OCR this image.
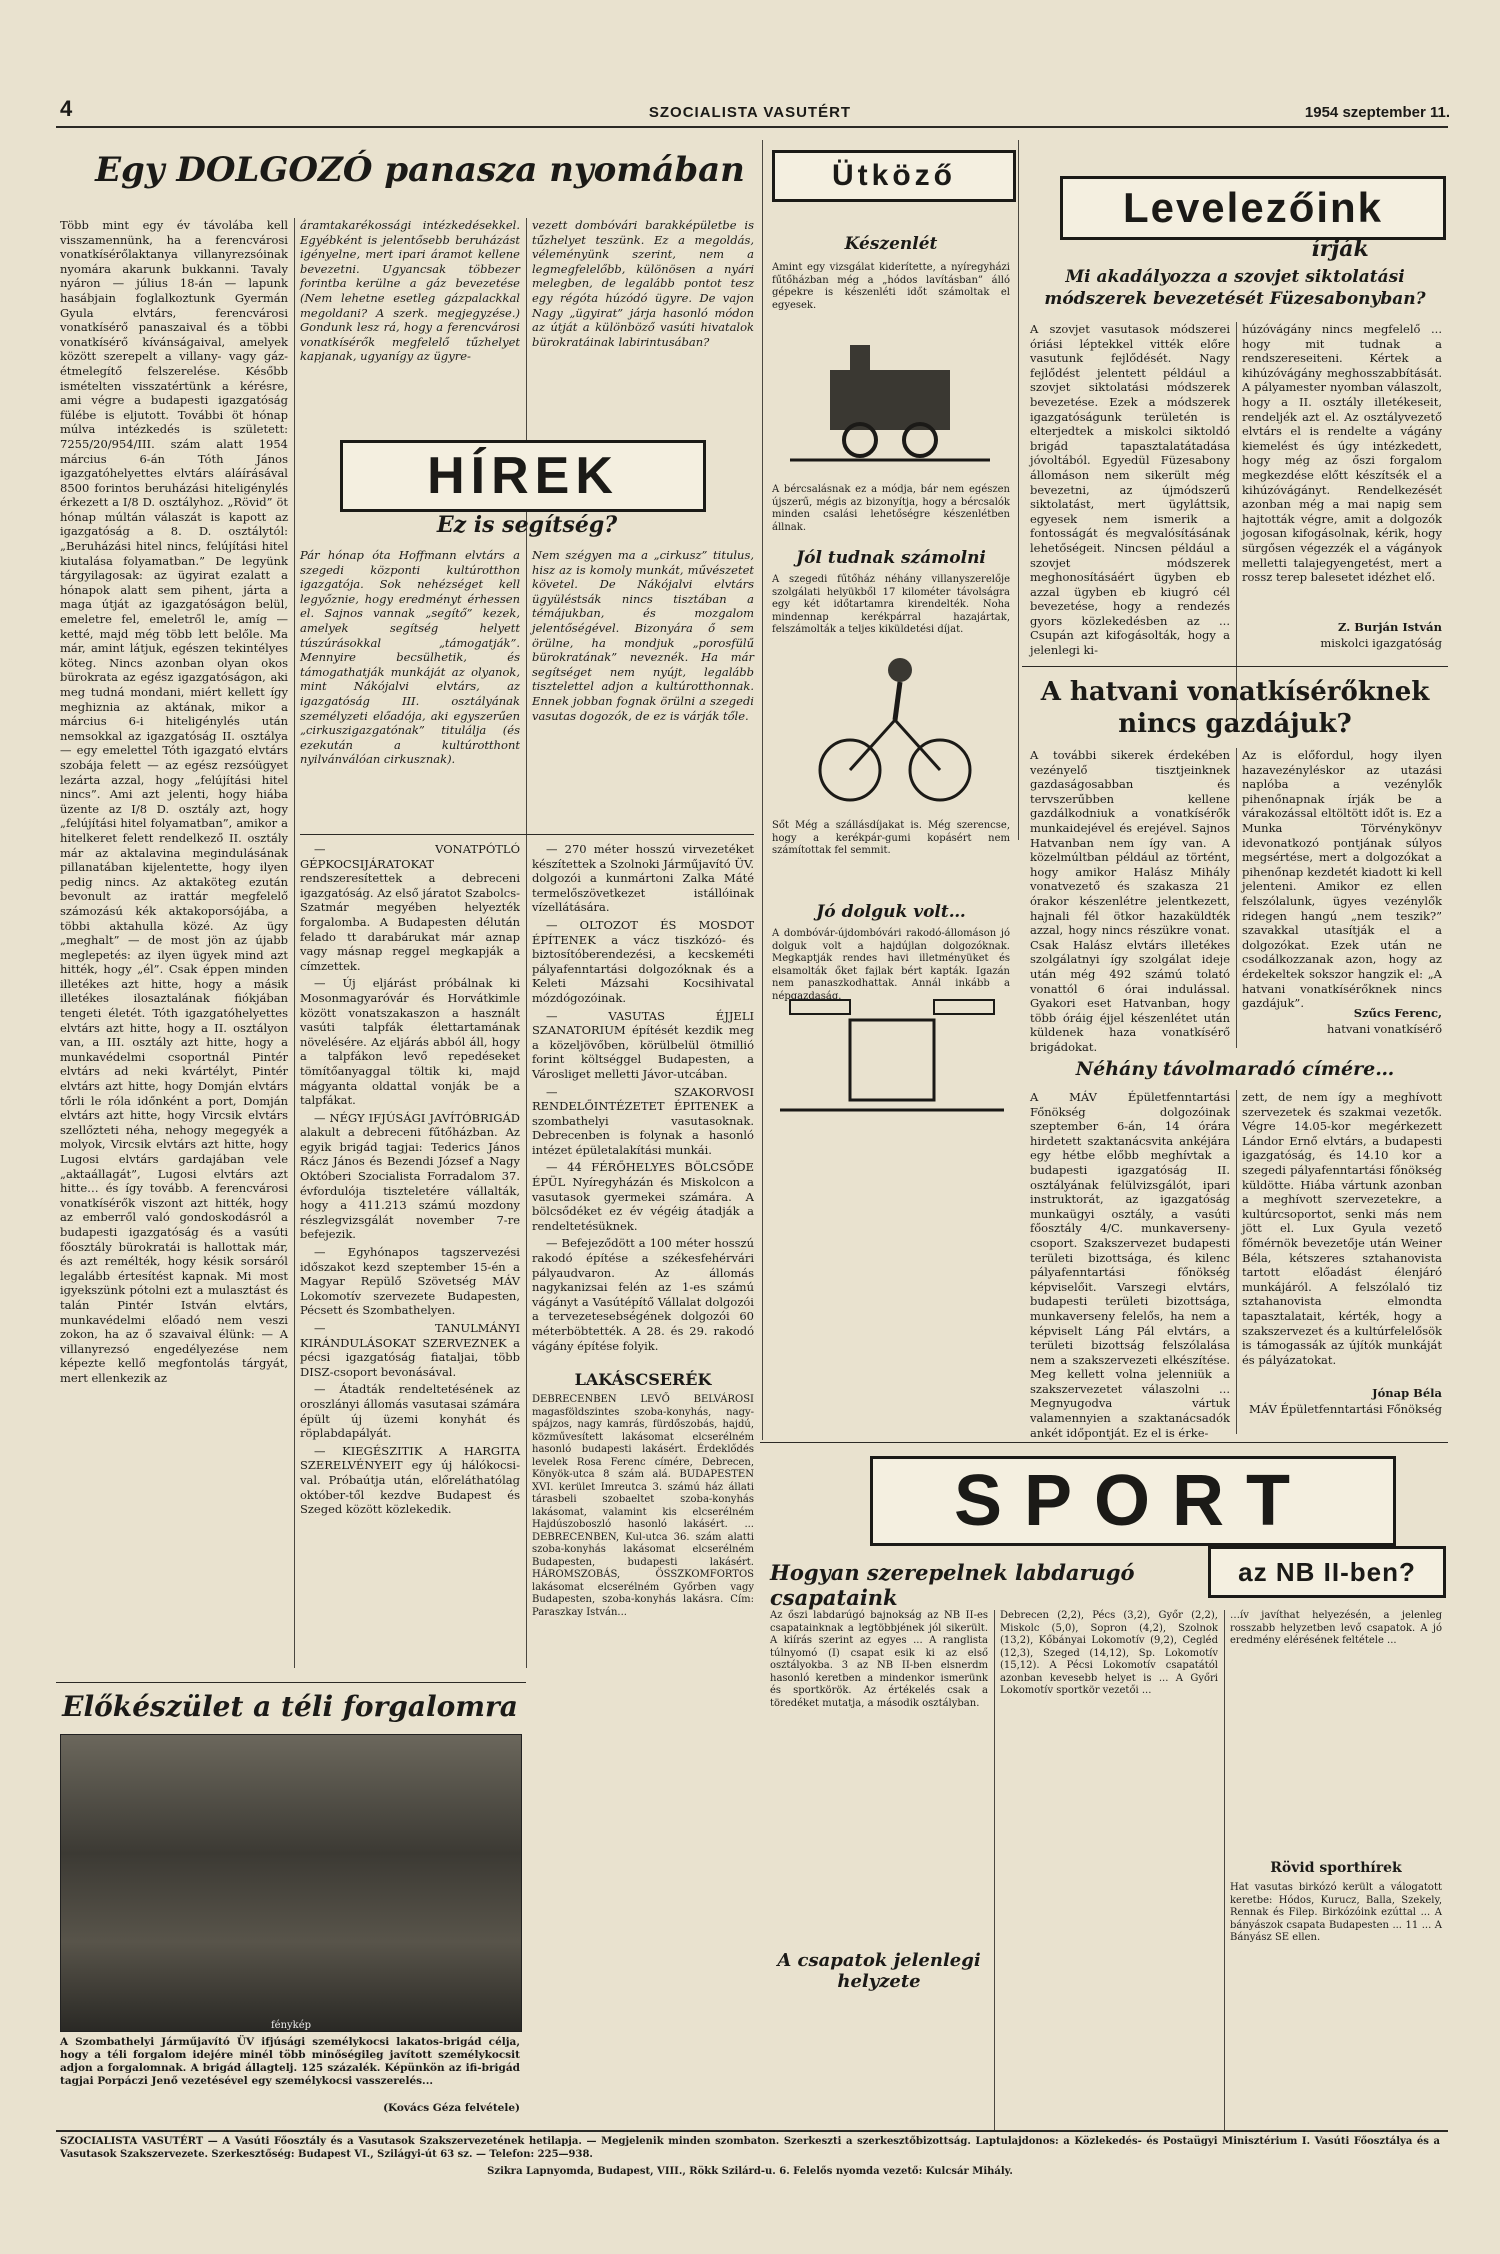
4	SZOCIALISTA VASUTÉRT	1954 szeptember 11.
Egy DOLGOZÓ panasza nyomában
Több mint egy év távolába kell visszamennünk, ha a ferencvárosi vonatkísérőlaktanya villanyrezsóinak nyomára akarunk bukkanni. Tavaly nyáron — július 18-án — lapunk hasábjain foglalkoztunk Gyermán Gyula elvtárs, ferencvárosi vonatkísérő panaszaival és a többi vonatkísérő kívánságaival, amelyek között szerepelt a villany- vagy gáz-étmelegítő felszerelése. Később ismételten visszatértünk a kérésre, ami végre a budapesti igazgatóság fülébe is eljutott. További öt hónap múlva intézkedés is született: 7255/20/954/III. szám alatt 1954 március 6-án Tóth János igazgatóhelyettes elvtárs aláírásával 8500 forintos beruházási hiteligénylés érkezett a I/8 D. osztályhoz. „Rövid” öt hónap múltán válaszát is kapott az igazgatóság a 8. D. osztálytól: „Beruházási hitel nincs, felújítási hitel kiutalása folyamatban.” De legyünk tárgyilagosak: az ügyirat ezalatt a hónapok alatt sem pihent, járta a maga útját az igazgatóságon belül, emeletre fel, emeletről le, amíg — ketté, majd még több lett belőle. Ma már, amint látjuk, egészen tekintélyes köteg. Nincs azonban olyan okos bürokrata az egész igazgatóságon, aki meg tudná mondani, miért kellett így meghiznia az aktának, mikor a március 6-i hiteligénylés után nemsokkal az igazgatóság II. osztálya — egy emelettel Tóth igazgató elvtárs szobája felett — az egész rezsóügyet lezárta azzal, hogy „felújítási hitel nincs”. Ami azt jelenti, hogy hiába üzente az I/8 D. osztály azt, hogy „felújítási hitel folyamatban”, amikor a hitelkeret felett rendelkező II. osztály már az aktalavina megindulásának pillanatában kijelentette, hogy ilyen pedig nincs. Az aktaköteg ezután bevonult az irattár megfelelő számozású kék aktakoporsójába, a többi aktahulla közé. Az ügy „meghalt” — de most jön az újabb meglepetés: az ilyen ügyek mind azt hitték, hogy „él”. Csak éppen minden illetékes azt hitte, hogy a másik illetékes ilosaztalának fiókjában tengeti életét. Tóth igazgatóhelyettes elvtárs azt hitte, hogy a II. osztályon van, a III. osztály azt hitte, hogy a munkavédelmi csoportnál Pintér elvtárs ad neki kvártélyt, Pintér elvtárs azt hitte, hogy Domján elvtárs tőrli le róla időnként a port, Domján elvtárs azt hitte, hogy Vircsik elvtárs szellőzteti néha, nehogy megegyék a molyok, Vircsik elvtárs azt hitte, hogy Lugosi elvtárs gardajában vele „aktaállagát”, Lugosi elvtárs azt hitte… és így tovább. A ferencvárosi vonatkísérők viszont azt hitték, hogy az emberről való gondoskodásról a budapesti igazgatóság és a vasúti főosztály bürokratái is hallottak már, és azt remélték, hogy késik sorsáról legalább értesítést kapnak. Mi most igyekszünk pótolni ezt a mulasztást és talán Pintér István elvtárs, munkavédelmi előadó nem veszi zokon, ha az ő szavaival élünk: — A villanyrezsó engedélyezése nem képezte kellő megfontolás tárgyát, mert ellenkezik az
áramtakarékossági intézkedésekkel. Egyébként is jelentősebb beruházást igényelne, mert ipari áramot kellene bevezetni. Ugyancsak többezer forintba kerülne a gáz bevezetése (Nem lehetne esetleg gázpalackkal megoldani? A szerk. megjegyzése.) Gondunk lesz rá, hogy a ferencvárosi vonatkísérők megfelelő tűzhelyet kapjanak, ugyanígy az ügyre-
vezett dombóvári barakképületbe is tűzhelyet teszünk. Ez a megoldás, véleményünk szerint, nem a legmegfelelőbb, különösen a nyári melegben, de legalább pontot tesz egy régóta húzódó ügyre. De vajon Nagy „ügyirat” járja hasonló módon az útját a különböző vasúti hivatalok bürokratáinak labirintusában?
HÍREK
Ez is segítség?
Pár hónap óta Hoffmann elvtárs a szegedi központi kultúrotthon igazgatója. Sok nehézséget kell legyőznie, hogy eredményt érhessen el. Sajnos vannak „segítő” kezek, amelyek segítség helyett túszúrásokkal „támogatják”. Mennyire becsülhetik, és támogathatják munkáját az olyanok, mint Nákójalvi elvtárs, az igazgatóság III. osztályának személyzeti előadója, aki egyszerűen „cirkuszigazgatónak” titulálja (és ezekután a kultúrotthont nyilvánválóan cirkusznak).
Nem szégyen ma a „cirkusz” titulus, hisz az is komoly munkát, művészetet követel. De Nákójalvi elvtárs ügyüléstsák nincs tisztában a témájukban, és mozgalom jelentőségével. Bizonyára ő sem örülne, ha mondjuk „porosfülű bürokratának” neveznék. Ha már segítséget nem nyújt, legalább tisztelettel adjon a kultúrotthonnak. Ennek jobban fognak örülni a szegedi vasutas dogozók, de ez is várják tőle.

— VONATPÓTLÓ GÉPKOCSIJÁRATOKAT rendszeresítettek a debreceni igazgatóság. Az első járatot Szabolcs-Szatmár megyében helyezték forgalomba. A Budapesten délután felado tt darabárukat már aznap vagy másnap reggel megkapják a címzettek.

— Új eljárást próbálnak ki Mosonmagyaróvár és Horvátkimle között vonatszakaszon a használt vasúti talpfák élettartamának növelésére. Az eljárás abból áll, hogy a talpfákon levő repedéseket tömítőanyaggal töltik ki, majd mágyanta oldattal vonják be a talpfákat.

— NÉGY IFJÚSÁGI JAVÍTÓBRIGÁD alakult a debreceni fűtőházban. Az egyik brigád tagjai: Tederics János Rácz János és Bezendi József a Nagy Októberi Szocialista Forradalom 37. évfordulója tiszteletére vállalták, hogy a 411.213 számú mozdony részlegvizsgálát november 7-re befejezik.

— Egyhónapos tagszervezési időszakot kezd szeptember 15-én a Magyar Repülő Szövetség MÁV Lokomotív szervezete Budapesten, Pécsett és Szombathelyen.

— TANULMÁNYI KIRÁNDULÁSOKAT SZERVEZNEK a pécsi igazgatóság fiataljai, több DISZ-csoport bevonásával.

— Átadták rendeltetésének az oroszlányi állomás vasutasai számára épült új üzemi konyhát és röplabdapályát.

— KIEGÉSZITIK A HARGITA SZERELVÉNYEIT egy új hálókocsi-val. Próbaútja után, előreláthatólag október-től kezdve Budapest és Szeged között közlekedik.

— 270 méter hosszú virvezetéket készítettek a Szolnoki Járműjavító ÜV. dolgozói a kunmártoni Zalka Máté termelőszövetkezet istállóinak vízellátására.

— OLTOZOT ÉS MOSDOT ÉPÍTENEK a vácz tiszkózó- és biztosítóberendezési, a kecskeméti pályafenntartási dolgozóknak és a Keleti Mázsahi Kocsihivatal mózdógozóinak.

— VASUTAS ÉJJELI SZANATORIUM építését kezdik meg a közeljövőben, körülbelül ötmillió forint költséggel Budapesten, a Városliget melletti Jávor-utcában.

— SZAKORVOSI RENDELŐINTÉZETET ÉPITENEK a szombathelyi vasutasoknak. Debrecenben is folynak a hasonló intézet épületalakítási munkái.

— 44 FÉRŐHELYES BÖLCSŐDE ÉPÜL Nyíregyházán és Miskolcon a vasutasok gyermekei számára. A bölcsődéket ez év végéig átadják a rendeltetésüknek.

— Befejeződött a 100 méter hosszú rakodó építése a székesfehérvári pályaudvaron. Az állomás nagykanizsai felén az 1-es számú vágányt a Vasútépítő Vállalat dolgozói a tervezetesebségének dolgozói 60 méterböbtették. A 28. és 29. rakodó vágány építése folyik.

LAKÁSCSERÉK
DEBRECENBEN LEVŐ BELVÁROSI magasföldszintes szoba-konyhás, nagy-spájzos, nagy kamrás, fürdőszobás, hajdú, közművesített lakásomat elcserélném hasonló budapesti lakásért. Érdeklődés levelek Rosa Ferenc címére, Debrecen, Könyök-utca 8 szám alá. BUDAPESTEN XVI. kerület Imreutca 3. számú ház állati tárasbeli szobaeltet szoba-konyhás lakásomat, valamint kis elcserélném Hajdúszoboszló hasonló lakásért. ... DEBRECENBEN, Kul-utca 36. szám alatti szoba-konyhás lakásomat elcserélném Budapesten, budapesti lakásért. HÁROMSZOBÁS, ÖSSZKOMFORTOS lakásomat elcserélném Győrben vagy Budapesten, szoba-konyhás lakásra. Cím: Paraszkay István...
Előkészület a téli forgalomra
fénykép
A Szombathelyi Járműjavító ÜV ifjúsági személykocsi lakatos-brigád célja, hogy a téli forgalom idejére minél több minőségileg javított személykocsit adjon a forgalomnak. A brigád állagtelj. 125 százalék. Képünkön az ifi-brigád tagjai Porpáczi Jenő vezetésével egy személykocsi vasszerelés...
(Kovács Géza felvétele)
Ütköző
Készenlét
Amint egy vizsgálat kiderítette, a nyíregyházi fűtőházban még a „hódos lavításban” álló gépekre is készenléti időt számoltak el egyesek.
A bércsalásnak ez a módja, bár nem egészen újszerű, mégis az bizonyítja, hogy a bércsalók minden csalási lehetőségre készenlétben állnak.
Jól tudnak számolni
A szegedi fűtőház néhány villanyszerelője szolgálati helyükből 17 kilométer távolságra egy két időtartamra kirendelték. Noha mindennap kerékpárral hazajártak, felszámolták a teljes kiküldetési díjat.
Sőt Még a szállásdíjakat is. Még szerencse, hogy a kerékpár-gumi kopásért nem számítottak fel semmit.
Jó dolguk volt…
A dombóvár-újdombóvári rakodó-állomáson jó dolguk volt a hajdújlan dolgozóknak. Megkaptják rendes havi illetményüket és elsamolták őket fajlak bért kapták. Igazán nem panaszkodhattak. Annál inkább a népgazdaság.
Levelezőink
írják
Mi akadályozza a szovjet siktolatási módszerek bevezetését Füzesabonyban?
A szovjet vasutasok módszerei óriási léptekkel vitték előre vasutunk fejlődését. Nagy fejlődést jelentett például a szovjet siktolatási módszerek bevezetése. Ezek a módszerek igazgatóságunk területén is elterjedtek a miskolci siktoldó brigád tapasztalatátadása jóvoltából. Egyedül Füzesabony állomáson nem sikerült még bevezetni, az újmódszerű siktolatást, mert ügyláttsik, egyesek nem ismerik a fontosságát és megvalósításának lehetőségeit. Nincsen például a szovjet módszerek meghonosításáért ügyben eb azzal ügyben eb kiugró cél bevezetése, hogy a rendezés gyors közlekedésben az ... Csupán azt kifogásolták, hogy a jelenlegi ki-
húzóvágány nincs megfelelő ... hogy mit tudnak a rendszereseiteni. Kértek a kihúzóvágány meghosszabbítását. A pályamester nyomban válaszolt, hogy a II. osztály illetékeseit, rendeljék azt el. Az osztályvezető elvtárs el is rendelte a vágány kiemelést és úgy intézkedett, hogy még az őszi forgalom megkezdése előtt készítsék el a kihúzóvágányt. Rendelkezését azonban még a mai napig sem hajtották végre, amit a dolgozók jogosan kifogásolnak, kérik, hogy sürgősen végezzék el a vágányok melletti talajegyengetést, mert a rossz terep balesetet idézhet elő.
Z. Burján István
miskolci igazgatóság
A hatvani vonatkísérőknek nincs gazdájuk?
A további sikerek érdekében vezényelő tisztjeinknek gazdaságosabban és tervszerűbben kellene gazdálkodniuk a vonatkísérők munkaidejével és erejével. Sajnos Hatvanban nem így van. A közelmúltban például az történt, hogy amikor Halász Mihály vonatvezető és szakasza 21 órakor készenlétre jelentkezett, hajnali fél ötkor hazaküldték azzal, hogy nincs részükre vonat. Csak Halász elvtárs illetékes szolgálatnyi így szolgálat ideje után még 492 számú tolató vonattól 6 órai indulással. Gyakori eset Hatvanban, hogy több óráig éjjel készenlétet után küldenek haza vonatkísérő brigádokat.
Az is előfordul, hogy ilyen hazavezényléskor az utazási naplóba a vezénylők pihenőnapnak írják be a várakozással eltöltött időt is. Ez a Munka Törvénykönyv idevonatkozó pontjának súlyos megsértése, mert a dolgozókat a pihenőnap kezdetét kiadott ki kell jelenteni. Amikor ez ellen felszólalunk, ügyes vezénylők ridegen hangú „nem teszik?” szavakkal utasítják el a dolgozókat. Ezek után ne csodálkozzanak azon, hogy az érdekeltek sokszor hangzik el: „A hatvani vonatkísérőknek nincs gazdájuk”.
Szűcs Ferenc,
hatvani vonatkísérő
Néhány távolmaradó címére…
A MÁV Épületfenntartási Főnökség dolgozóinak szeptember 6-án, 14 órára hirdetett szaktanácsvita ankéjára egy hétbe előbb meghívtak a budapesti igazgatóság II. osztályának felülvizsgálót, ipari instruktorát, az igazgatóság munkaügyi osztály, a vasúti főosztály 4/C. munkaverseny-csoport. Szakszervezet budapesti területi bizottsága, és kilenc pályafenntartási főnökség képviselőit. Varszegi elvtárs, budapesti területi bizottsága, munkaverseny felelős, ha nem a képviselt Láng Pál elvtárs, a területi bizottság felszólalása nem a szakszervezeti elkészítése. Meg kellett volna jelenniük a szakszervezetet válaszolni ... Megnyugodva vártuk valamennyien a szaktanácsadók ankét időpontját. Ez el is érke-
zett, de nem így a meghívott szervezetek és szakmai vezetők. Végre 14.05-kor megérkezett Lándor Ernő elvtárs, a budapesti igazgatóság, és 14.10 kor a szegedi pályafenntartási főnökség küldötte. Hiába vártunk azonban a meghívott szervezetekre, a kultúrcsoportot, senki más nem jött el. Lux Gyula vezető főmérnök bevezetője után Weiner Béla, kétszeres sztahanovista tartott előadást élenjáró munkájáról. A felszólaló tiz sztahanovista elmondta tapasztalatait, kérték, hogy a szakszervezet és a kultúrfelelősök is támogassák az újítók munkáját és pályázatokat.
Jónap Béla
MÁV Épületfenntartási Főnökség
SPORT
Hogyan szerepelnek labdarugó csapataink
az NB II-ben?
Az őszi labdarúgó bajnokság az NB II-es csapatainknak a legtöbbjének jól sikerült. A kiírás szerint az egyes ... A ranglista túlnyomó (I) csapat esik ki az első osztályokba. 3 az NB II-ben elsnerdm hasonló keretben a mindenkor ismerünk és sportkörök. Az értékelés csak a töredéket mutatja, a második osztályban.
Debrecen (2,2), Pécs (3,2), Győr (2,2), Miskolc (5,0), Sopron (4,2), Szolnok (13,2), Kőbányai Lokomotív (9,2), Cegléd (12,3), Szeged (14,12), Sp. Lokomotív (15,12). A Pécsi Lokomotív csapatától azonban kevesebb helyet is ... A Győri Lokomotív sportkör vezetői ...
A csapatok jelenlegi helyzete
…ív javíthat helyezésén, a jelenleg rosszabb helyzetben levő csapatok. A jó eredmény elérésének feltétele ...
Rövid sporthírek
Hat vasutas birkózó került a válogatott keretbe: Hódos, Kurucz, Balla, Szekely, Rennak és Filep. Birkózóink ezúttal ... A bányászok csapata Budapesten ... 11 ... A Bányász SE ellen.
SZOCIALISTA VASUTÉRT — A Vasúti Főosztály és a Vasutasok Szakszervezetének hetilapja. — Megjelenik minden szombaton. Szerkeszti a szerkesztőbizottság. Laptulajdonos: a Közlekedés- és Postaügyi Minisztérium I. Vasúti Főosztálya és a Vasutasok Szakszervezete. Szerkesztőség: Budapest VI., Szilágyi-út 63 sz. — Telefon: 225—938.
Szikra Lapnyomda, Budapest, VIII., Rökk Szilárd-u. 6. Felelős nyomda vezető: Kulcsár Mihály.
